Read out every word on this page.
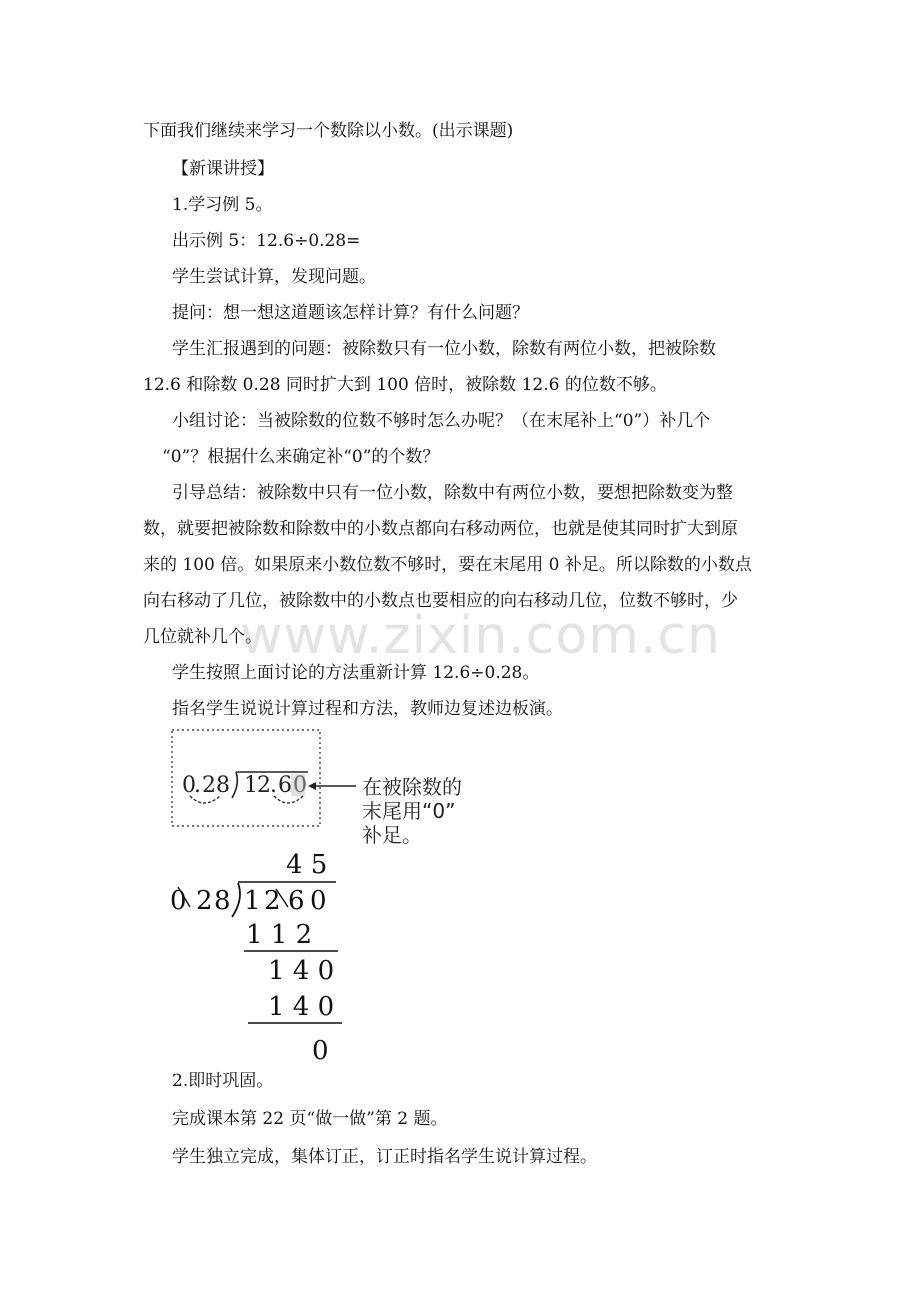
www.zixin.com.cn
下面我们继续来学习一个数除以小数。(出示课题)
【新课讲授】
1.学习例 5。
出示例 5：12.6÷0.28=
学生尝试计算，发现问题。
提问：想一想这道题该怎样计算？有什么问题？
学生汇报遇到的问题：被除数只有一位小数，除数有两位小数，把被除数
12.6 和除数 0.28 同时扩大到 100 倍时，被除数 12.6 的位数不够。
小组讨论：当被除数的位数不够时怎么办呢？（在末尾补上“0”）补几个
“0”？根据什么来确定补“0”的个数？
引导总结：被除数中只有一位小数，除数中有两位小数，要想把除数变为整
数，就要把被除数和除数中的小数点都向右移动两位，也就是使其同时扩大到原
来的 100 倍。如果原来小数位数不够时，要在末尾用 0 补足。所以除数的小数点
向右移动了几位，被除数中的小数点也要相应的向右移动几位，位数不够时，少
几位就补几个。
学生按照上面讨论的方法重新计算 12.6÷0.28。
指名学生说说计算过程和方法，教师边复述边板演。
0
. 2 8 1 2 . 6 0	在被除数的
末尾用“0”
补足。
4 5
0 2 8 1 2 6 0
1 1 2
1 4 0
1 4 0
0
2.即时巩固。
完成课本第 22 页“做一做”第 2 题。
学生独立完成，集体订正，订正时指名学生说计算过程。
